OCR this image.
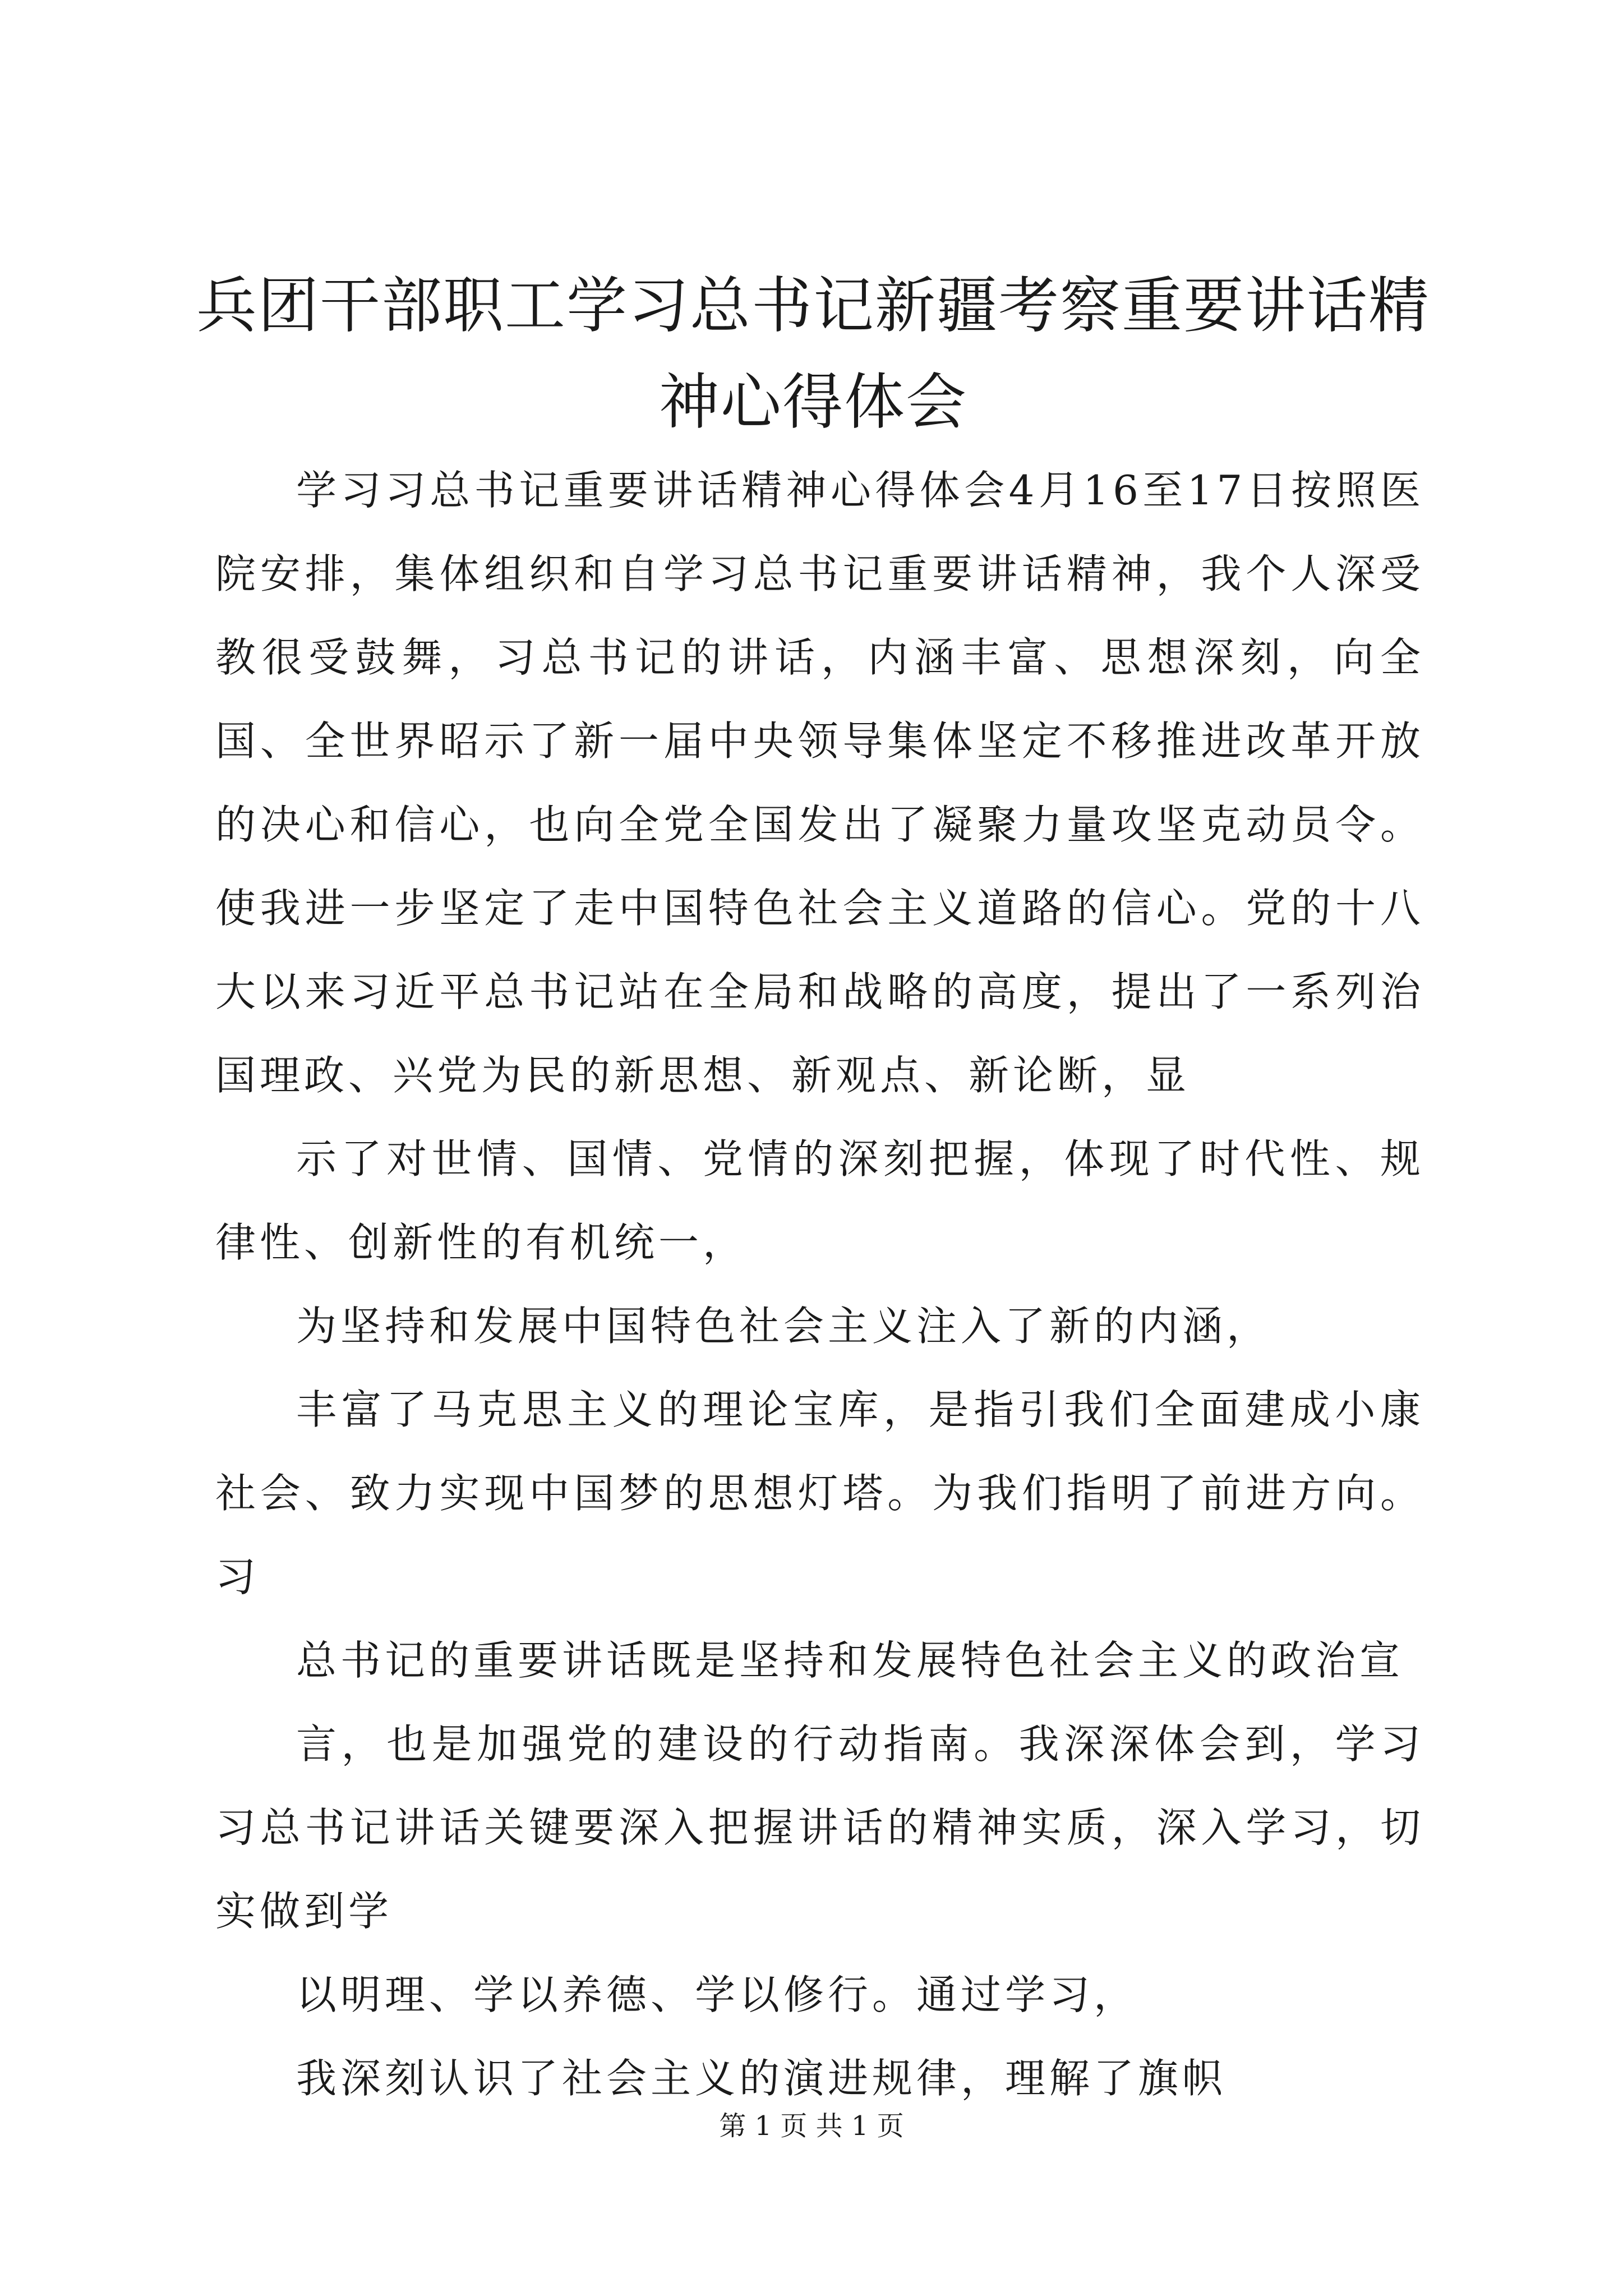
兵团干部职工学习总书记新疆考察重要讲话精神心得体会

学习习总书记重要讲话精神心得体会4月16至17日按照医院安排，集体组织和自学习总书记重要讲话精神，我个人深受教很受鼓舞，习总书记的讲话，内涵丰富、思想深刻，向全国、全世界昭示了新一届中央领导集体坚定不移推进改革开放的决心和信心，也向全党全国发出了凝聚力量攻坚克动员令。使我进一步坚定了走中国特色社会主义道路的信心。党的十八大以来习近平总书记站在全局和战略的高度，提出了一系列治国理政、兴党为民的新思想、新观点、新论断，显

示了对世情、国情、党情的深刻把握，体现了时代性、规律性、创新性的有机统一，

为坚持和发展中国特色社会主义注入了新的内涵，

丰富了马克思主义的理论宝库，是指引我们全面建成小康社会、致力实现中国梦的思想灯塔。为我们指明了前进方向。习

总书记的重要讲话既是坚持和发展特色社会主义的政治宣

言，也是加强党的建设的行动指南。我深深体会到，学习习总书记讲话关键要深入把握讲话的精神实质，深入学习，切实做到学

以明理、学以养德、学以修行。通过学习，

我深刻认识了社会主义的演进规律，理解了旗帜

第 1 页 共 1 页
